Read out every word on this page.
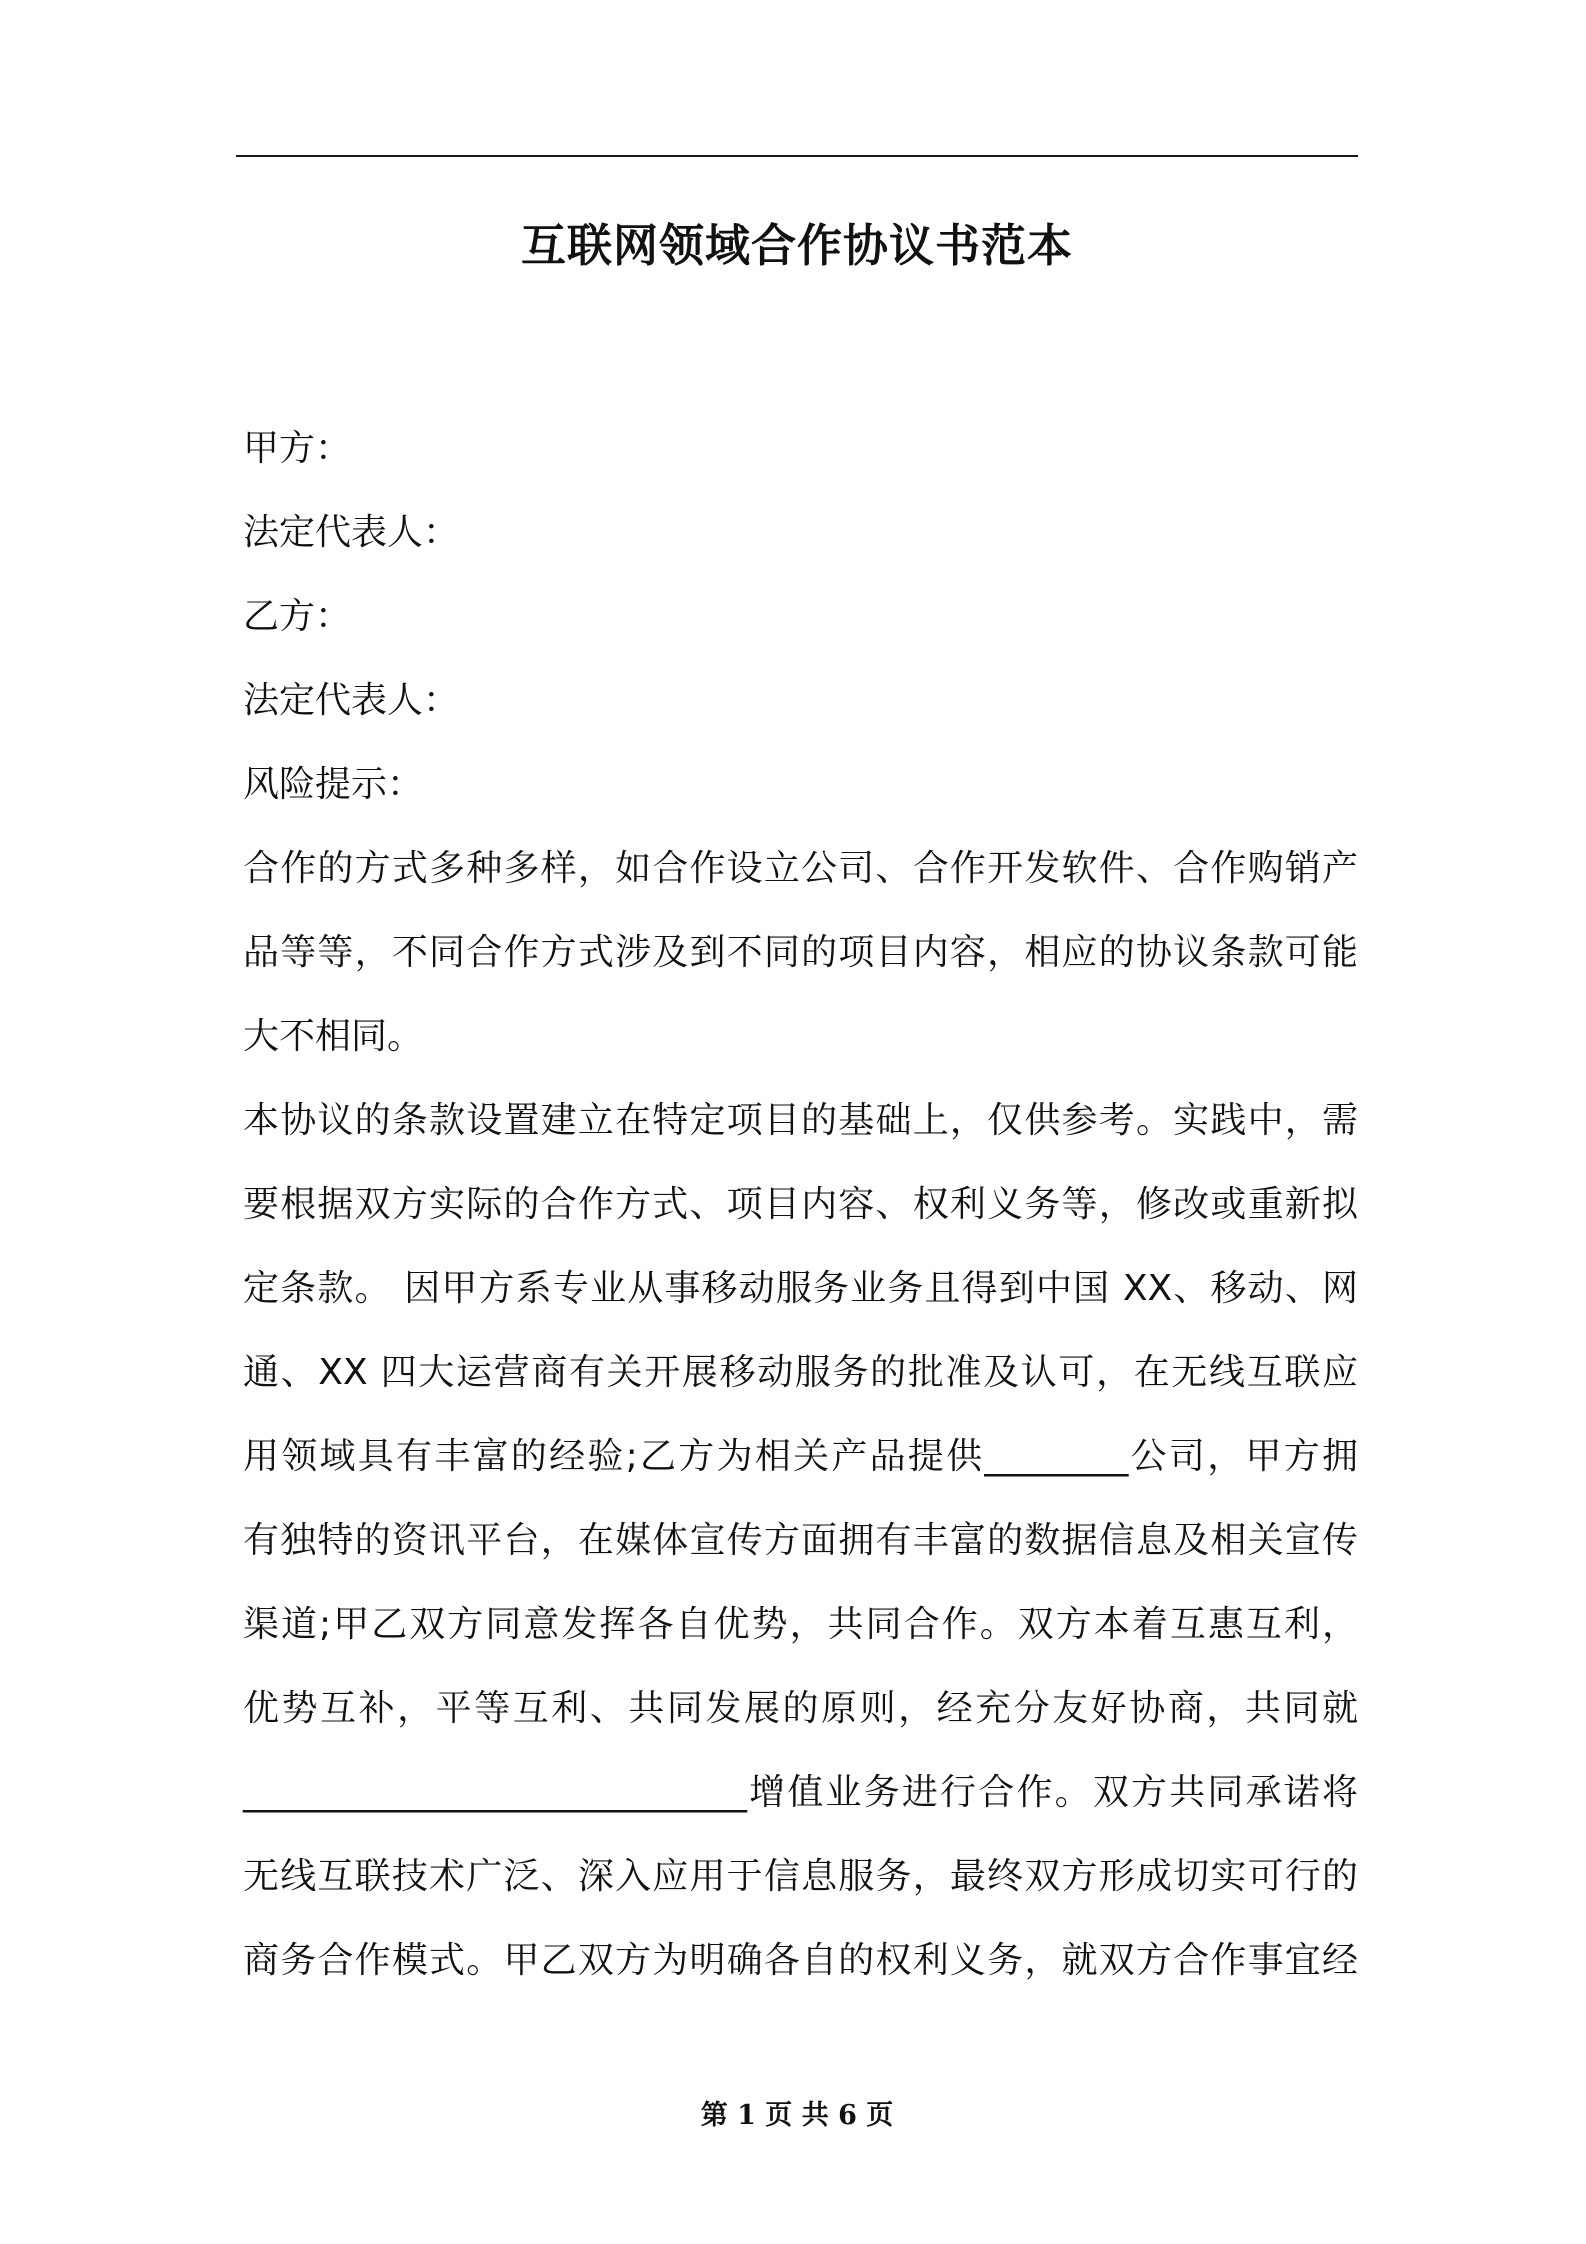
互联网领域合作协议书范本
甲方：
法定代表人：
乙方：
法定代表人：
风险提示：
合作的方式多种多样，如合作设立公司、合作开发软件、合作购销产
品等等，不同合作方式涉及到不同的项目内容，相应的协议条款可能
大不相同。
本协议的条款设置建立在特定项目的基础上，仅供参考。实践中，需
要根据双方实际的合作方式、项目内容、权利义务等，修改或重新拟
定条款。 因甲方系专业从事移动服务业务且得到中国 XX、移动、网
通、XX 四大运营商有关开展移动服务的批准及认可，在无线互联应
用领域具有丰富的经验;乙方为相关产品提供________公司，甲方拥
有独特的资讯平台，在媒体宣传方面拥有丰富的数据信息及相关宣传
渠道;甲乙双方同意发挥各自优势，共同合作。双方本着互惠互利，
优势互补，平等互利、共同发展的原则，经充分友好协商，共同就
____________________________增值业务进行合作。双方共同承诺将
无线互联技术广泛、深入应用于信息服务，最终双方形成切实可行的
商务合作模式。甲乙双方为明确各自的权利义务，就双方合作事宜经
第 1 页 共 6 页
